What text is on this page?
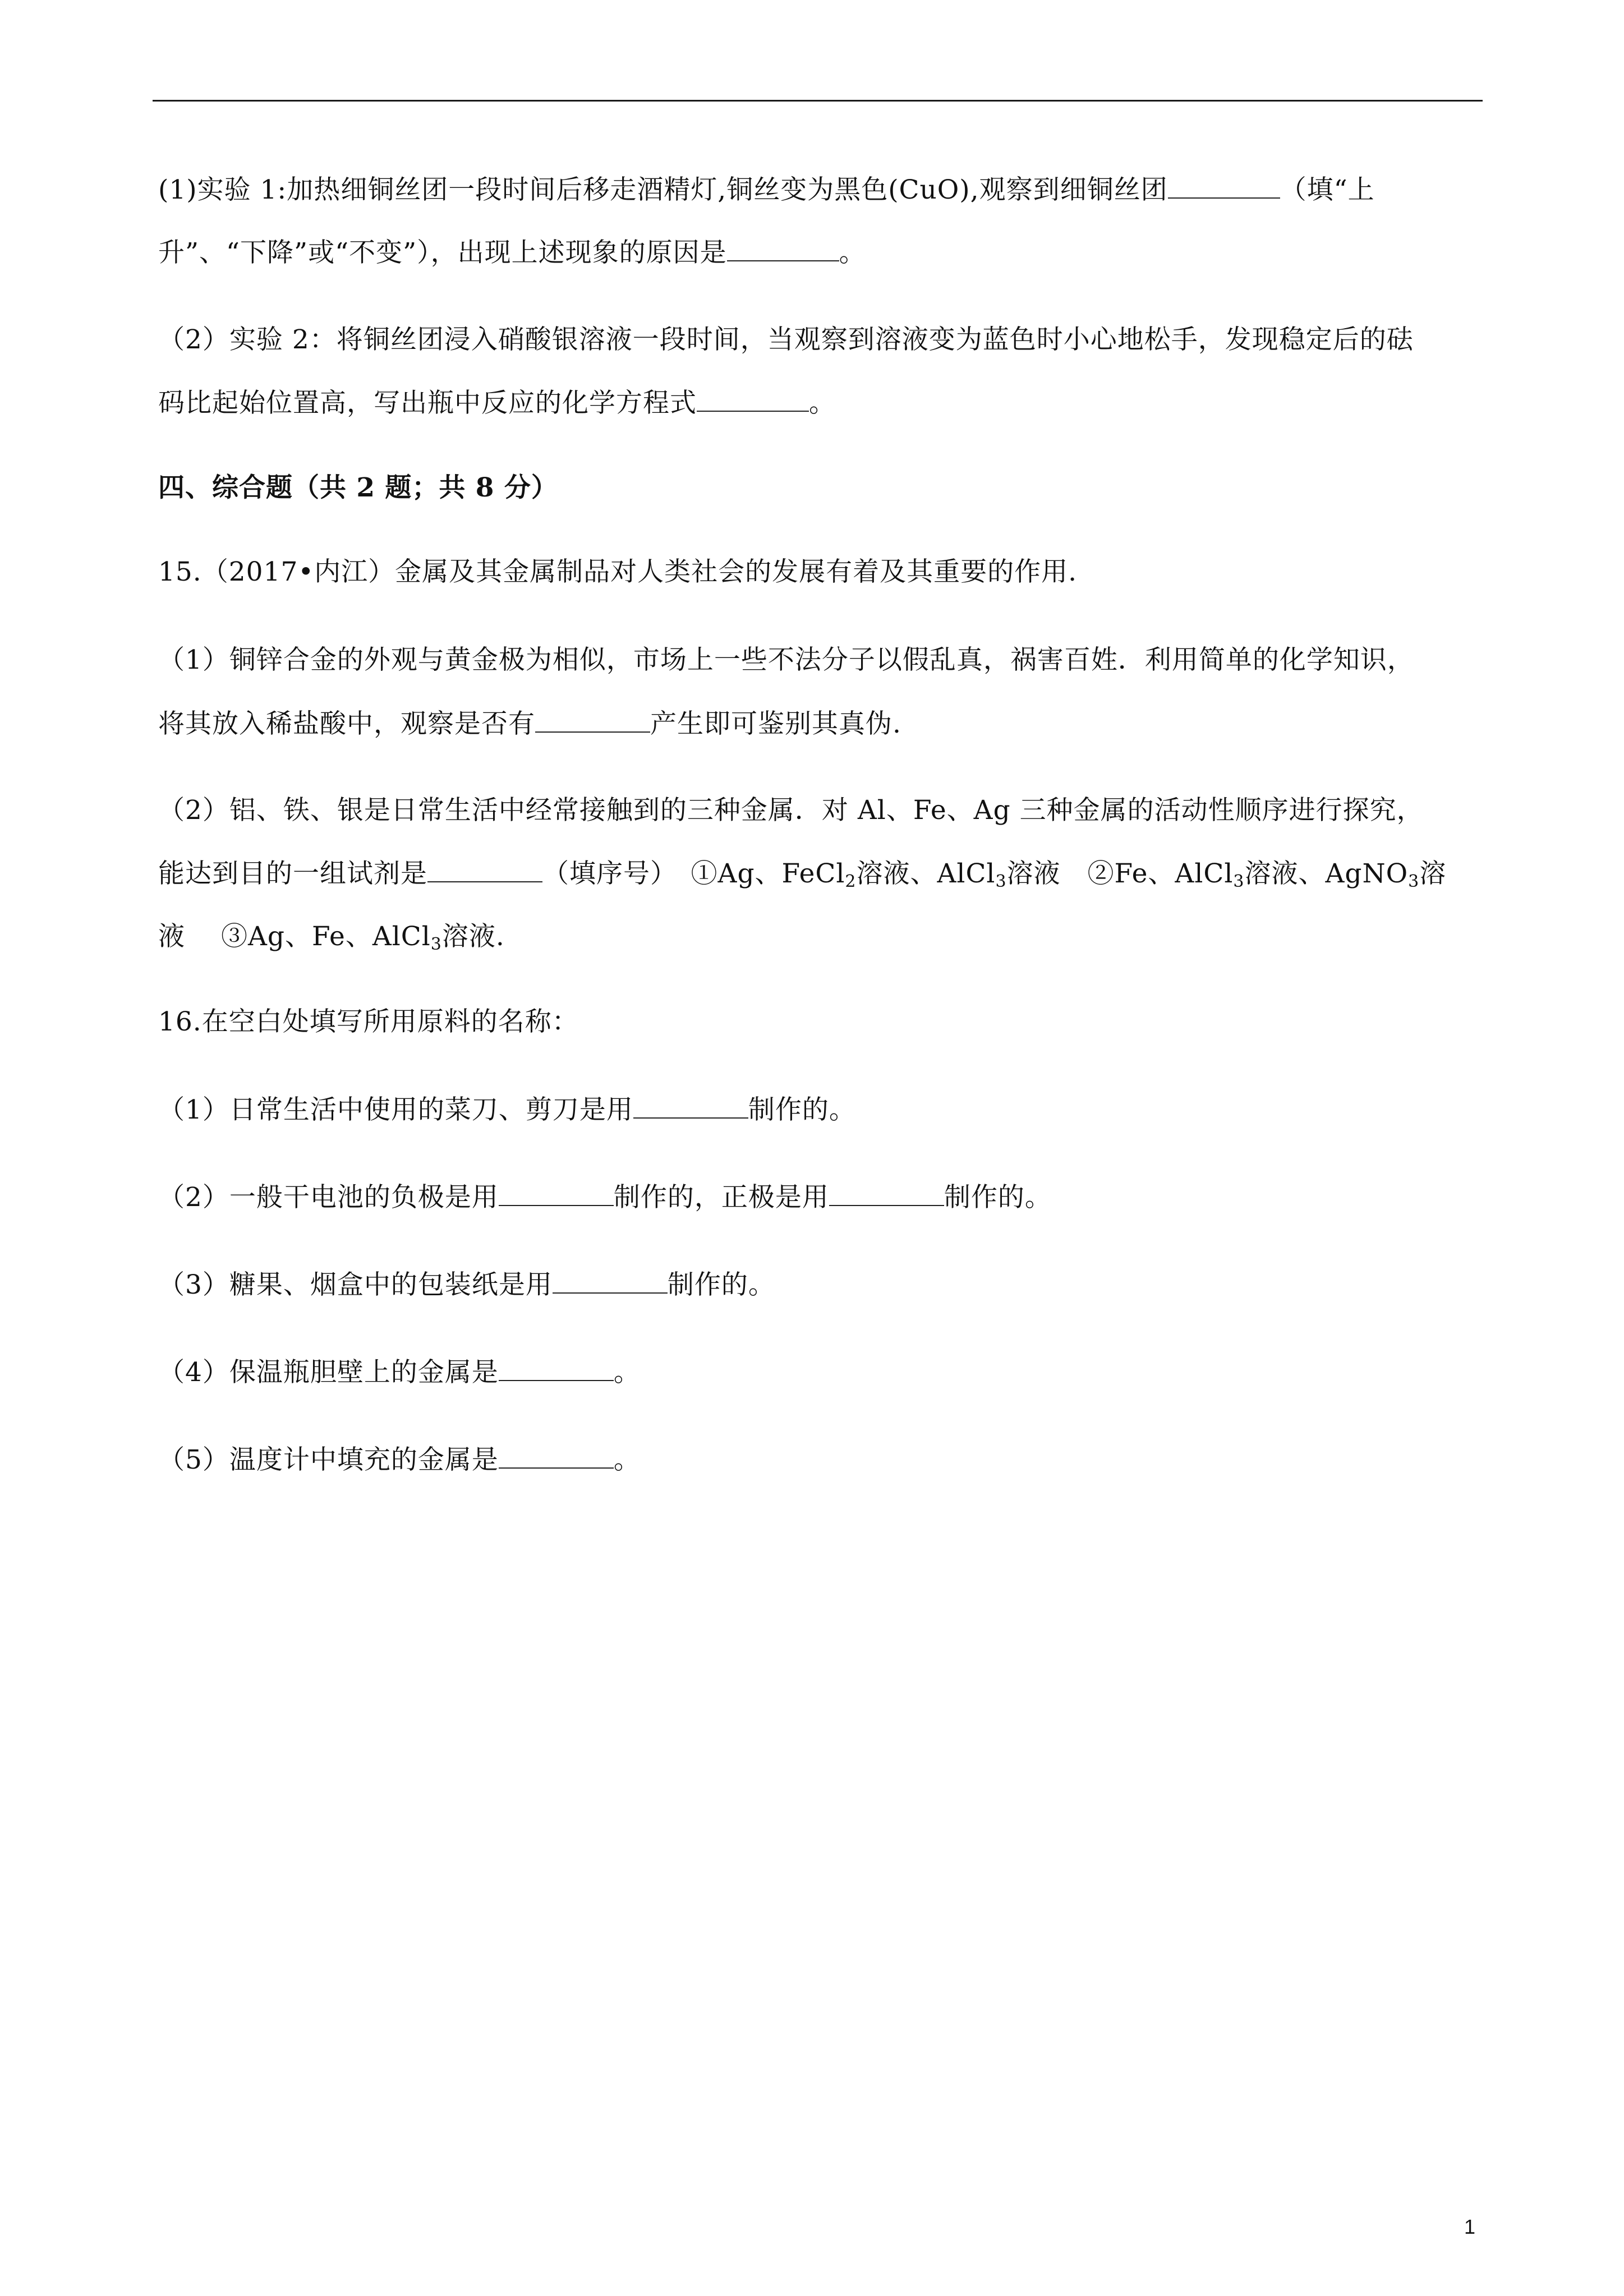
(1)实验 1:加热细铜丝团一段时间后移走酒精灯,铜丝变为黑色(CuO),观察到细铜丝团	（填“上
升”、“下降”或“不变”），出现上述现象的原因是	。
（2）实验 2：将铜丝团浸入硝酸银溶液一段时间，当观察到溶液变为蓝色时小心地松手，发现稳定后的砝
码比起始位置高，写出瓶中反应的化学方程式	。
四、综合题（共 2 题；共 8 分）
15.（2017•内江）金属及其金属制品对人类社会的发展有着及其重要的作用.
（1）铜锌合金的外观与黄金极为相似，市场上一些不法分子以假乱真，祸害百姓．利用简单的化学知识，
将其放入稀盐酸中，观察是否有	产生即可鉴别其真伪.
（2）铝、铁、银是日常生活中经常接触到的三种金属．对 Al、Fe、Ag 三种金属的活动性顺序进行探究，
能达到目的一组试剂是	（填序号）　①Ag、FeCl$_2$溶液、AlCl$_3$溶液　②Fe、AlCl$_3$溶液、AgNO$_3$溶
液　 ③Ag、Fe、AlCl$_3$溶液.
16.在空白处填写所用原料的名称：
（1）日常生活中使用的菜刀、剪刀是用	制作的。
（2）一般干电池的负极是用	制作的，正极是用	制作的。
（3）糖果、烟盒中的包装纸是用	制作的。
（4）保温瓶胆壁上的金属是	。
（5）温度计中填充的金属是	。
1
